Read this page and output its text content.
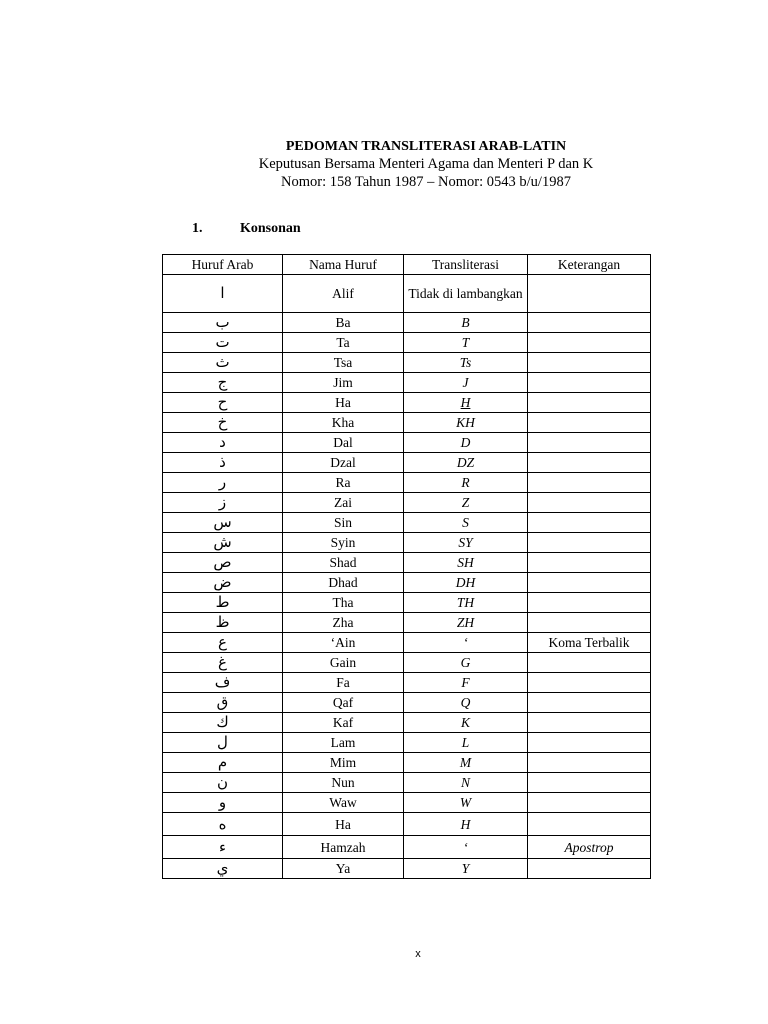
PEDOMAN TRANSLITERASI ARAB-LATIN
Keputusan Bersama Menteri Agama dan Menteri P dan K
Nomor: 158 Tahun 1987 – Nomor: 0543 b/u/1987
1.	Konsonan
Huruf Arab	Nama Huruf	Transliterasi	Keterangan
ا	Alif	Tidak di lambangkan	
ب	Ba	B	
ت	Ta	T	
ث	Tsa	Ts	
ج	Jim	J	
ح	Ha	H	
خ	Kha	KH	
د	Dal	D	
ذ	Dzal	DZ	
ر	Ra	R	
ز	Zai	Z	
س	Sin	S	
ش	Syin	SY	
ص	Shad	SH	
ض	Dhad	DH	
ط	Tha	TH	
ظ	Zha	ZH	
ع	‘Ain	‘	Koma Terbalik
غ	Gain	G	
ف	Fa	F	
ق	Qaf	Q	
ك	Kaf	K	
ل	Lam	L	
م	Mim	M	
ن	Nun	N	
و	Waw	W	
ه	Ha	H	
ء	Hamzah	‘	Apostrop
ي	Ya	Y	
x
